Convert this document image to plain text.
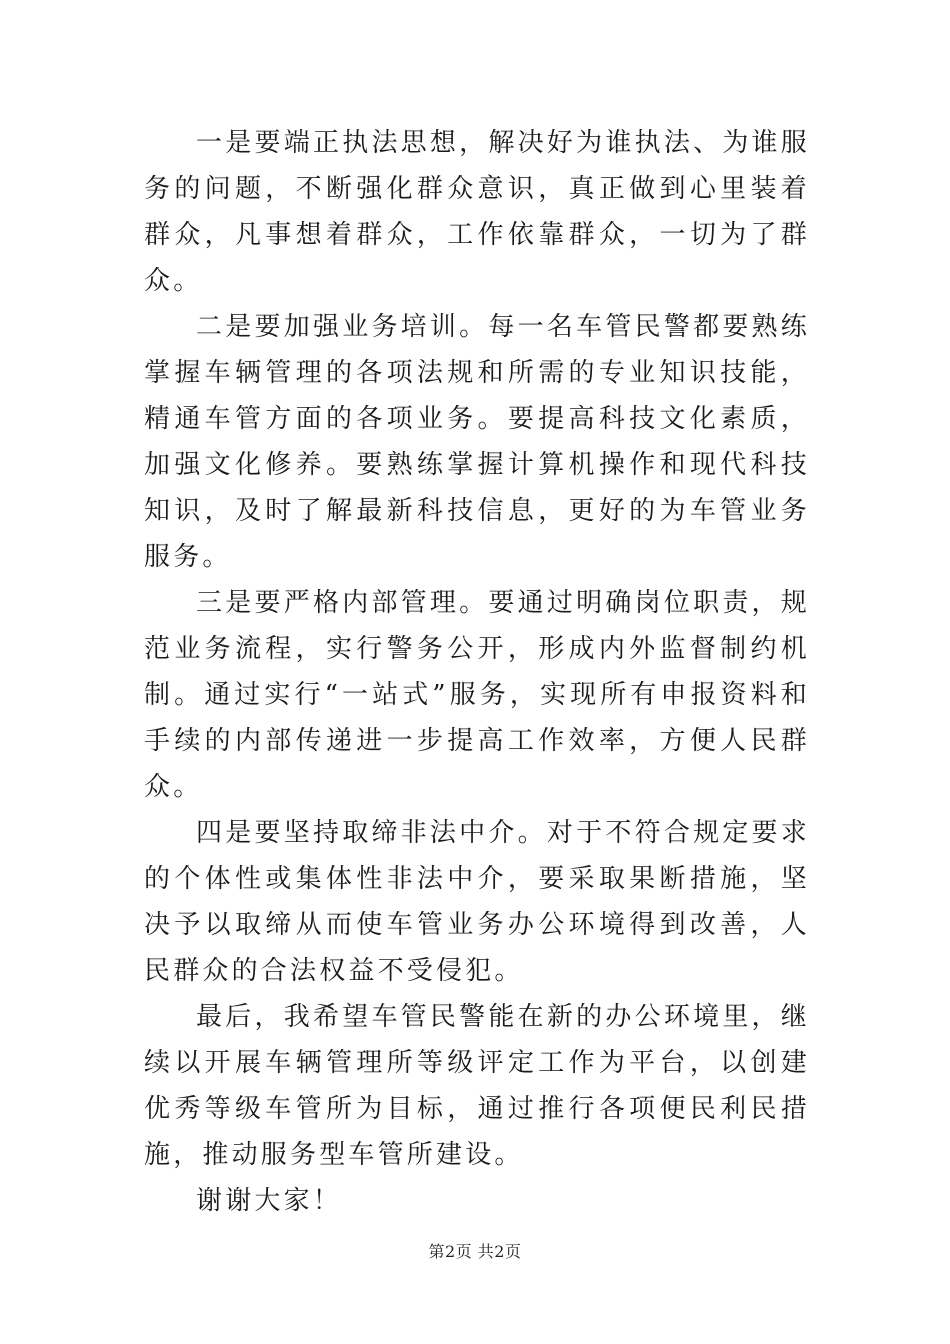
一是要端正执法思想，解决好为谁执法、为谁服务的问题，不断强化群众意识，真正做到心里装着群众，凡事想着群众，工作依靠群众，一切为了群众。

二是要加强业务培训。每一名车管民警都要熟练掌握车辆管理的各项法规和所需的专业知识技能，精通车管方面的各项业务。要提高科技文化素质，加强文化修养。要熟练掌握计算机操作和现代科技知识，及时了解最新科技信息，更好的为车管业务服务。

三是要严格内部管理。要通过明确岗位职责，规范业务流程，实行警务公开，形成内外监督制约机制。通过实行“一站式”服务，实现所有申报资料和手续的内部传递进一步提高工作效率，方便人民群众。

四是要坚持取缔非法中介。对于不符合规定要求的个体性或集体性非法中介，要采取果断措施，坚决予以取缔从而使车管业务办公环境得到改善，人民群众的合法权益不受侵犯。

最后，我希望车管民警能在新的办公环境里，继续以开展车辆管理所等级评定工作为平台，以创建优秀等级车管所为目标，通过推行各项便民利民措施，推动服务型车管所建设。

谢谢大家！

第2页 共2页
